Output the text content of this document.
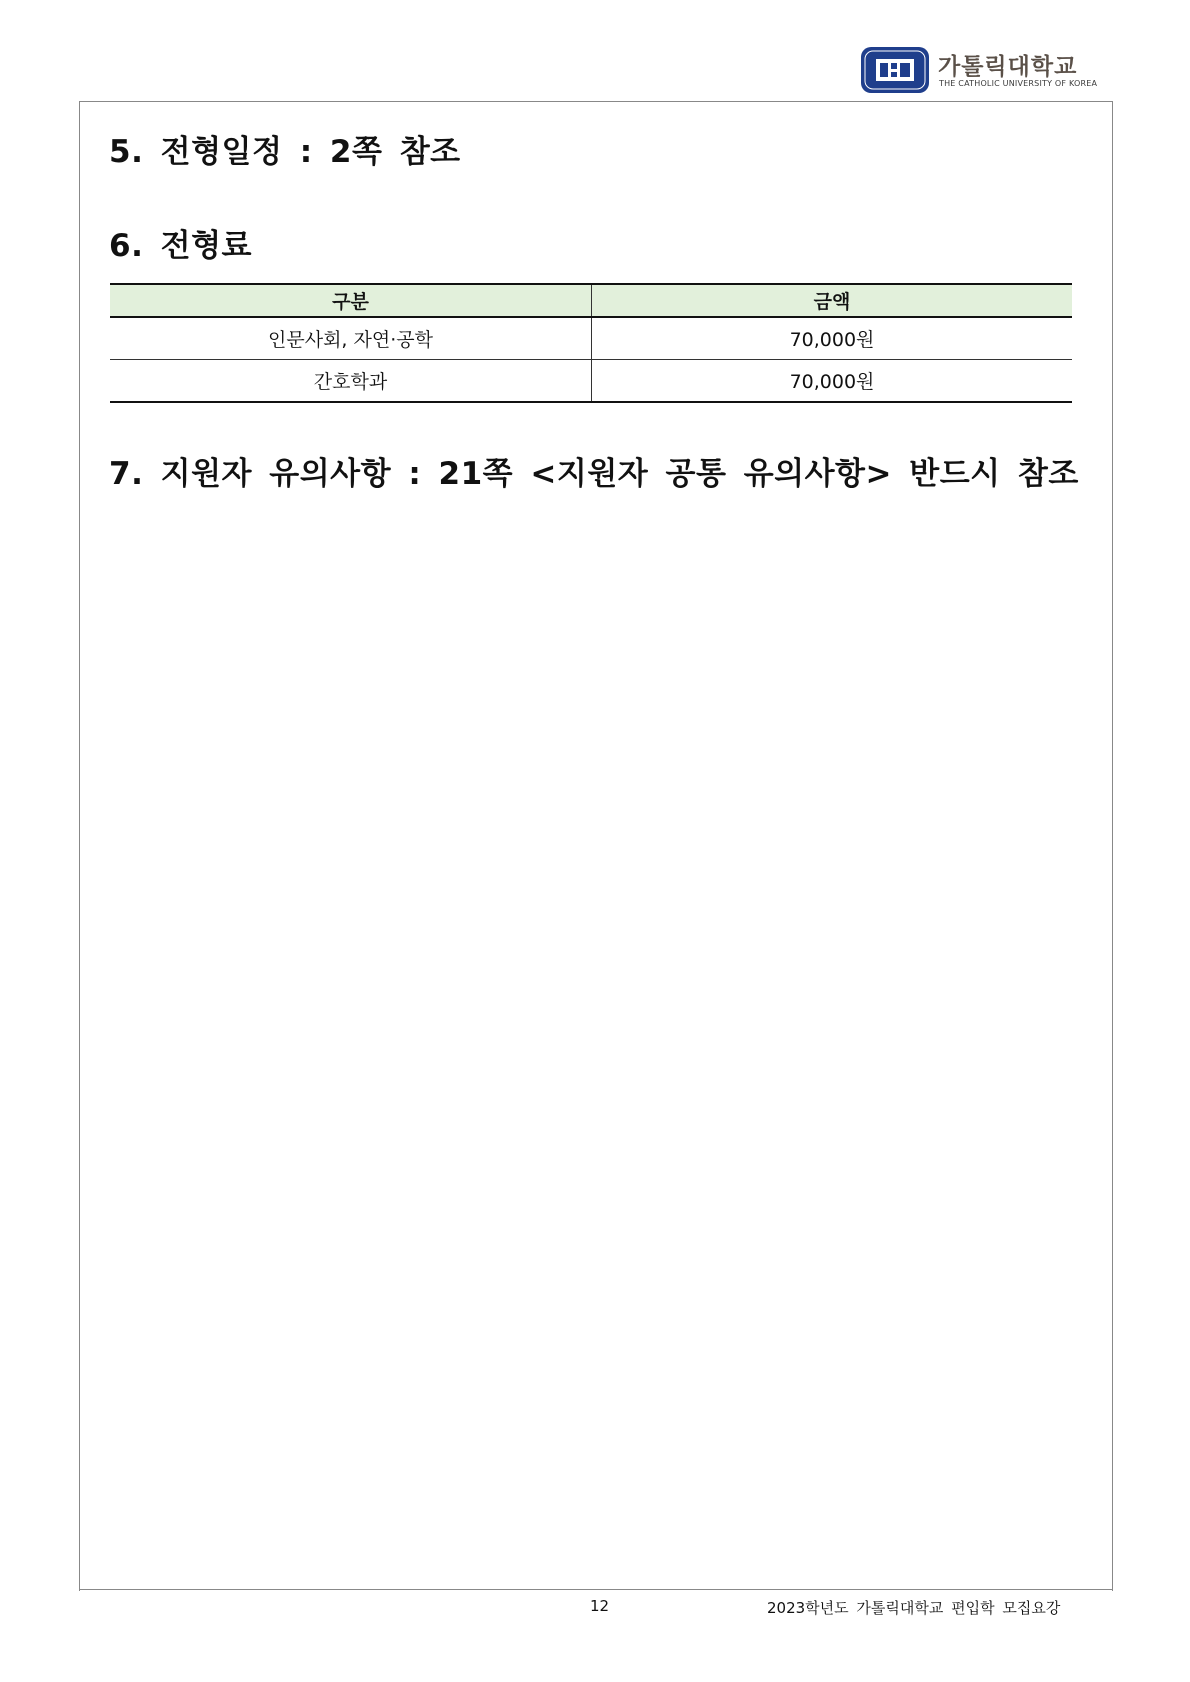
가톨릭대학교
THE CATHOLIC UNIVERSITY OF KOREA
5. 전형일정 : 2쪽 참조
6. 전형료
구분	금액
인문사회, 자연·공학	70,000원
간호학과	70,000원
7. 지원자 유의사항 : 21쪽 <지원자 공통 유의사항> 반드시 참조
12	2023학년도 가톨릭대학교 편입학 모집요강
